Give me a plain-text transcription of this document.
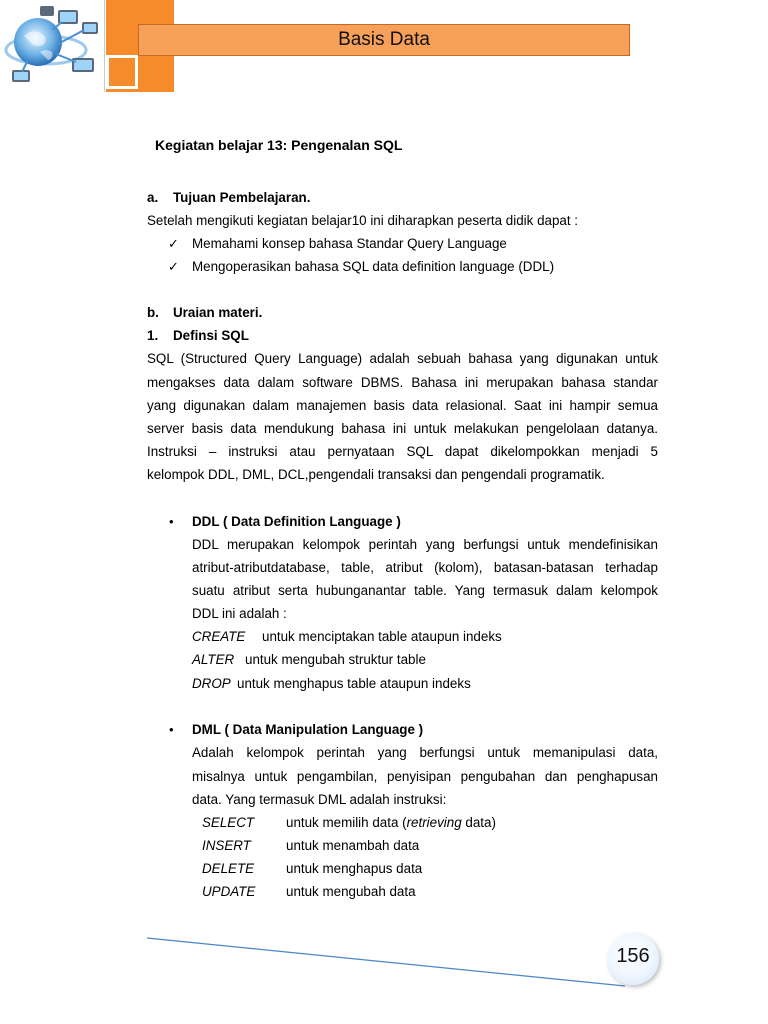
Basis Data
Kegiatan belajar 13: Pengenalan SQL
a. Tujuan Pembelajaran.
Setelah mengikuti kegiatan belajar10 ini diharapkan peserta didik dapat :
✓ Memahami konsep bahasa Standar Query Language
✓ Mengoperasikan bahasa SQL data definition language (DDL)
b. Uraian materi.
1. Definsi SQL
SQL (Structured Query Language) adalah sebuah bahasa yang digunakan untuk
mengakses data dalam software DBMS. Bahasa ini merupakan bahasa standar
yang digunakan dalam manajemen basis data relasional. Saat ini hampir semua
server basis data mendukung bahasa ini untuk melakukan pengelolaan datanya.
Instruksi – instruksi atau pernyataan SQL dapat dikelompokkan menjadi 5
kelompok DDL, DML, DCL,pengendali transaksi dan pengendali programatik.
• DDL ( Data Definition Language )
DDL merupakan kelompok perintah yang berfungsi untuk mendefinisikan
atribut-atributdatabase, table, atribut (kolom), batasan-batasan terhadap
suatu atribut serta hubunganantar table. Yang termasuk dalam kelompok
DDL ini adalah :
CREATE untuk menciptakan table ataupun indeks
ALTER untuk mengubah struktur table
DROP untuk menghapus table ataupun indeks
• DML ( Data Manipulation Language )
Adalah kelompok perintah yang berfungsi untuk memanipulasi data,
misalnya untuk pengambilan, penyisipan pengubahan dan penghapusan
data. Yang termasuk DML adalah instruksi:
SELECT untuk memilih data (retrieving data)
INSERT	untuk menambah data
DELETE untuk menghapus data
UPDATE untuk mengubah data
156
